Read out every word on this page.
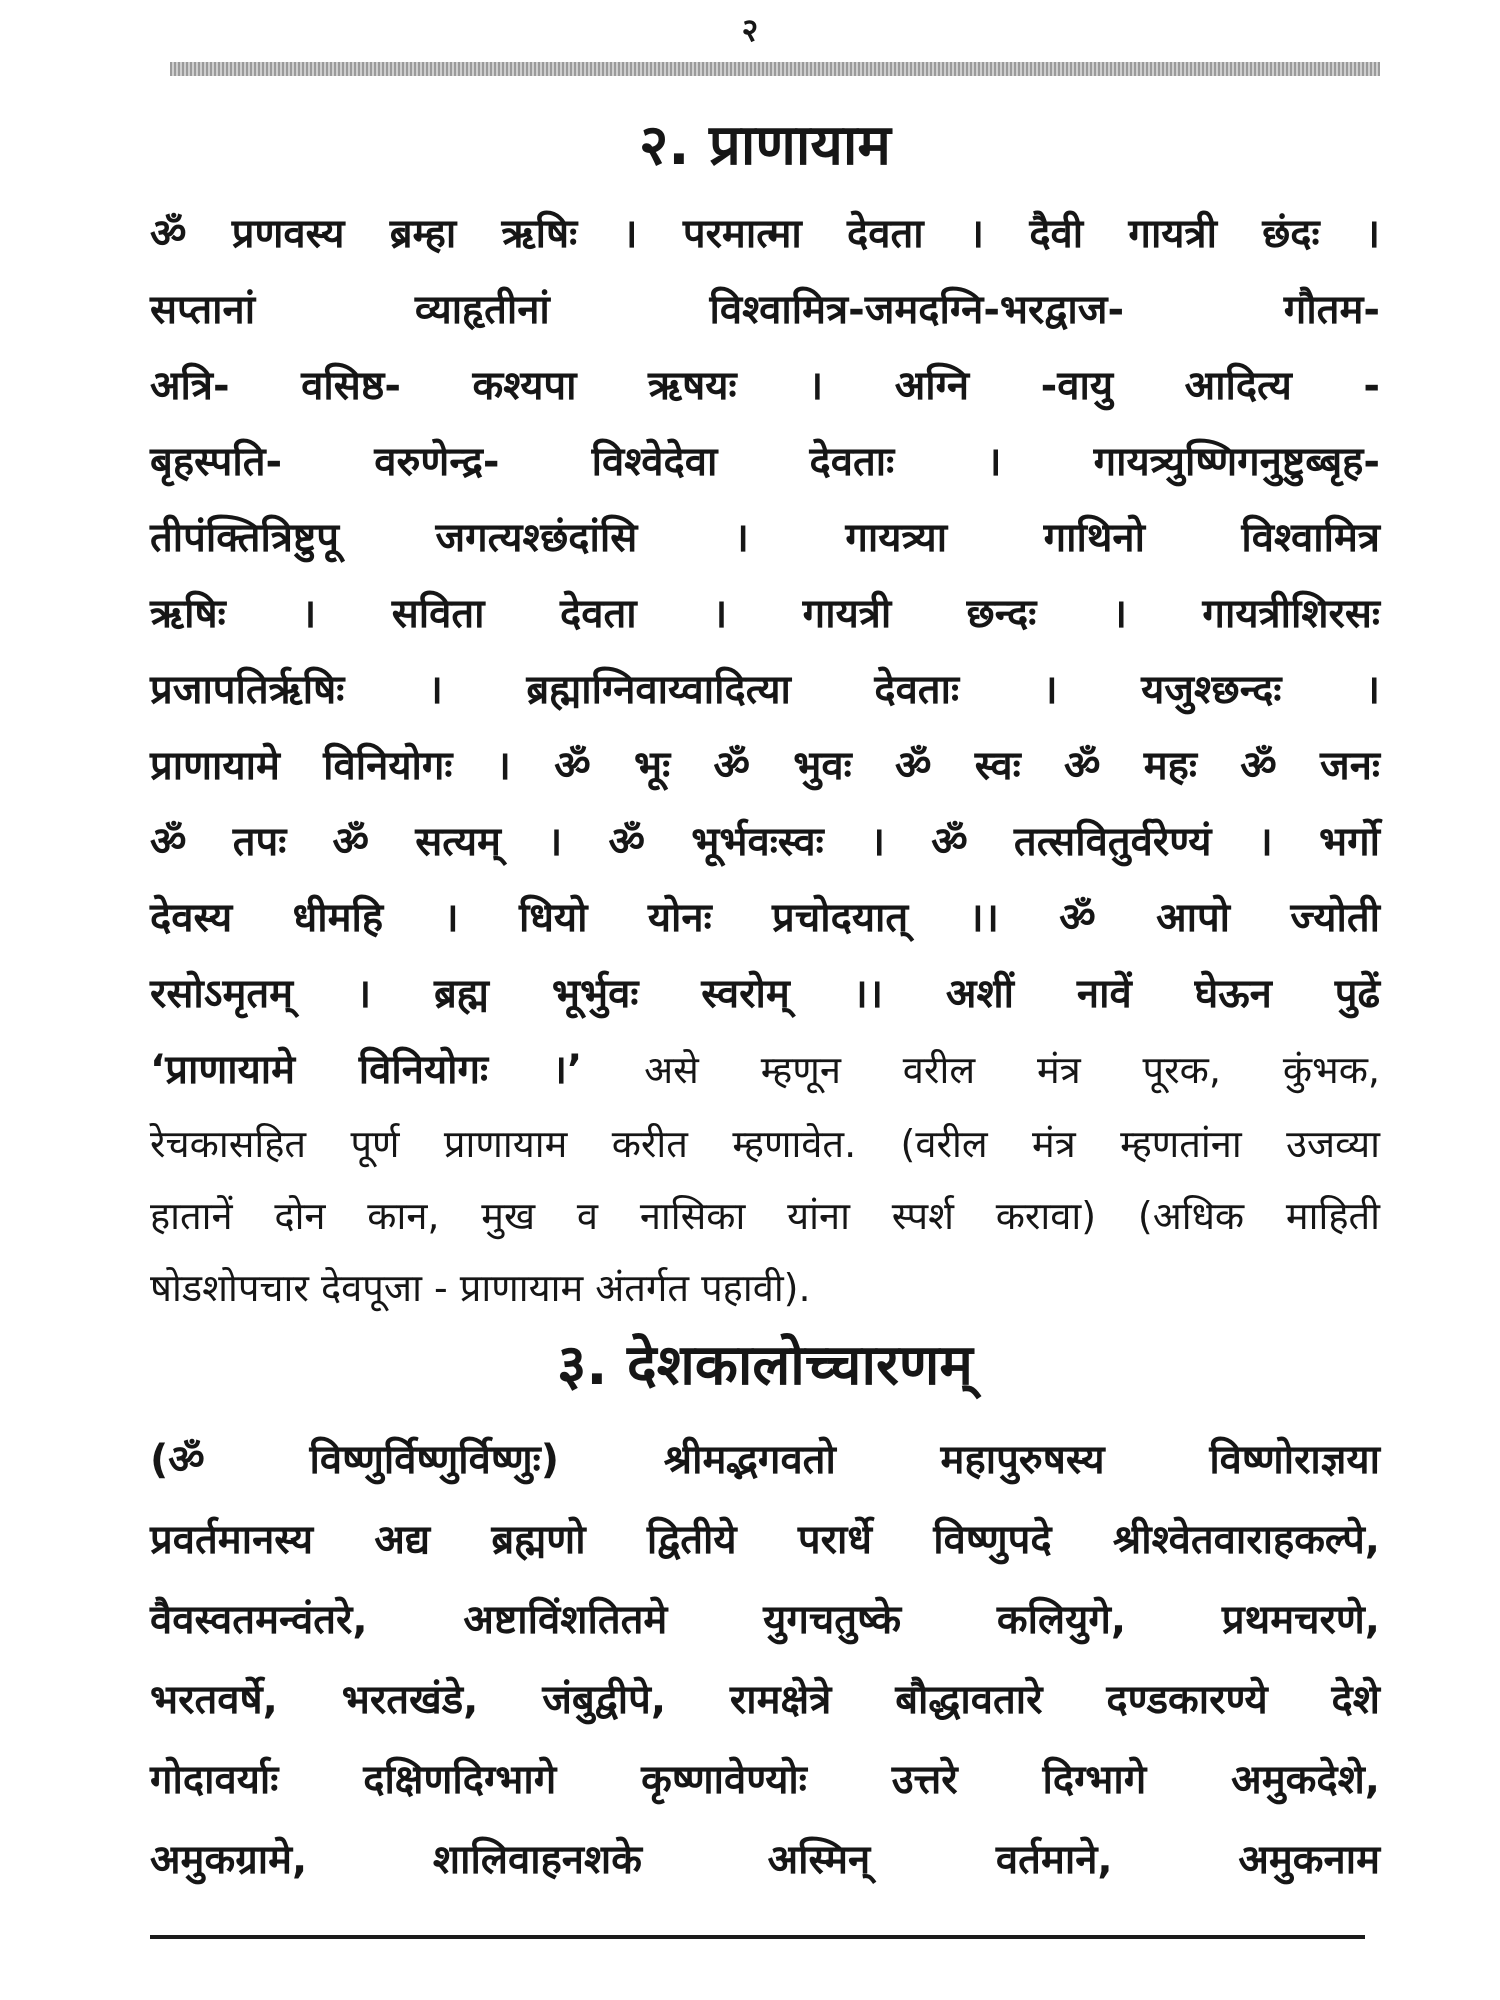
२
२. प्राणायाम
ॐ प्रणवस्य ब्रम्हा ऋषिः । परमात्मा देवता । दैवी गायत्री छंदः ।
सप्तानां व्याहृतीनां विश्वामित्र-जमदग्नि-भरद्वाज- गौतम-
अत्रि- वसिष्ठ- कश्यपा ऋषयः । अग्नि -वायु आदित्य -
बृहस्पति- वरुणेन्द्र- विश्वेदेवा देवताः । गायत्र्युष्णिगनुष्टुब्बृह-
तीपंक्तित्रिष्टुपू जगत्यश्छंदांसि । गायत्र्या गाथिनो विश्वामित्र
ऋषिः । सविता देवता । गायत्री छन्दः । गायत्रीशिरसः
प्रजापतिर्ऋषिः । ब्रह्माग्निवाय्वादित्या देवताः । यजुश्छन्दः ।
प्राणायामे विनियोगः । ॐ भूः ॐ भुवः ॐ स्वः ॐ महः ॐ जनः
ॐ तपः ॐ सत्यम् । ॐ भूर्भवःस्वः । ॐ तत्सवितुर्वरेण्यं । भर्गो
देवस्य धीमहि । धियो योनः प्रचोदयात् ।। ॐ आपो ज्योती
रसोऽमृतम् । ब्रह्म भूर्भुवः स्वरोम् ।। अशीं नावें घेऊन पुढें
‘प्राणायामे विनियोगः ।’ असे म्हणून वरील मंत्र पूरक, कुंभक,
रेचकासहित पूर्ण प्राणायाम करीत म्हणावेत. (वरील मंत्र म्हणतांना उजव्या
हातानें दोन कान, मुख व नासिका यांना स्पर्श करावा) (अधिक माहिती
षोडशोपचार देवपूजा - प्राणायाम अंतर्गत पहावी).
३. देशकालोच्चारणम्
(ॐ विष्णुर्विष्णुर्विष्णुः) श्रीमद्भगवतो महापुरुषस्य विष्णोराज्ञया
प्रवर्तमानस्य अद्य ब्रह्मणो द्वितीये परार्धे विष्णुपदे श्रीश्वेतवाराहकल्पे,
वैवस्वतमन्वंतरे, अष्टाविंशतितमे युगचतुष्के कलियुगे, प्रथमचरणे,
भरतवर्षे, भरतखंडे, जंबुद्वीपे, रामक्षेत्रे बौद्धावतारे दण्डकारण्ये देशे
गोदावर्याः दक्षिणदिग्भागे कृष्णावेण्योः उत्तरे दिग्भागे अमुकदेशे,
अमुकग्रामे, शालिवाहनशके अस्मिन् वर्तमाने, अमुकनाम
